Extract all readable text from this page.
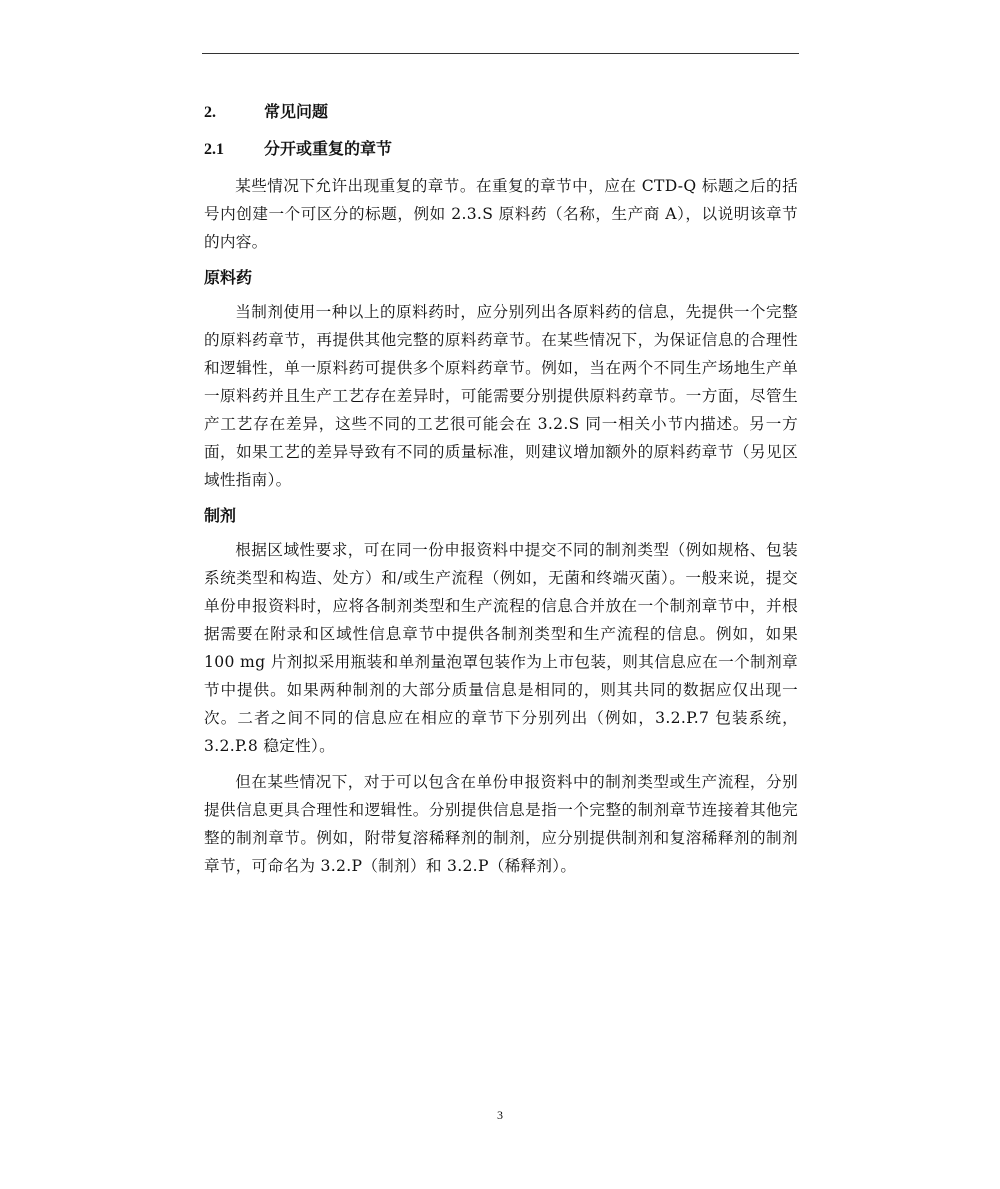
2.	常见问题
2.1	分开或重复的章节

某些情况下允许出现重复的章节。在重复的章节中，应在 CTD-Q 标题之后的括号内创建一个可区分的标题，例如 2.3.S 原料药（名称，生产商 A），以说明该章节的内容。

原料药

当制剂使用一种以上的原料药时，应分别列出各原料药的信息，先提供一个完整的原料药章节，再提供其他完整的原料药章节。在某些情况下，为保证信息的合理性和逻辑性，单一原料药可提供多个原料药章节。例如，当在两个不同生产场地生产单一原料药并且生产工艺存在差异时，可能需要分别提供原料药章节。一方面，尽管生产工艺存在差异，这些不同的工艺很可能会在 3.2.S 同一相关小节内描述。另一方面，如果工艺的差异导致有不同的质量标准，则建议增加额外的原料药章节（另见区域性指南）。

制剂

根据区域性要求，可在同一份申报资料中提交不同的制剂类型（例如规格、包装系统类型和构造、处方）和/或生产流程（例如，无菌和终端灭菌）。一般来说，提交单份申报资料时，应将各制剂类型和生产流程的信息合并放在一个制剂章节中，并根据需要在附录和区域性信息章节中提供各制剂类型和生产流程的信息。例如，如果 100 mg 片剂拟采用瓶装和单剂量泡罩包装作为上市包装，则其信息应在一个制剂章节中提供。如果两种制剂的大部分质量信息是相同的，则其共同的数据应仅出现一次。二者之间不同的信息应在相应的章节下分别列出（例如，3.2.P.7 包装系统，3.2.P.8 稳定性）。

但在某些情况下，对于可以包含在单份申报资料中的制剂类型或生产流程，分别提供信息更具合理性和逻辑性。分别提供信息是指一个完整的制剂章节连接着其他完整的制剂章节。例如，附带复溶稀释剂的制剂，应分别提供制剂和复溶稀释剂的制剂章节，可命名为 3.2.P（制剂）和 3.2.P（稀释剂）。

3
